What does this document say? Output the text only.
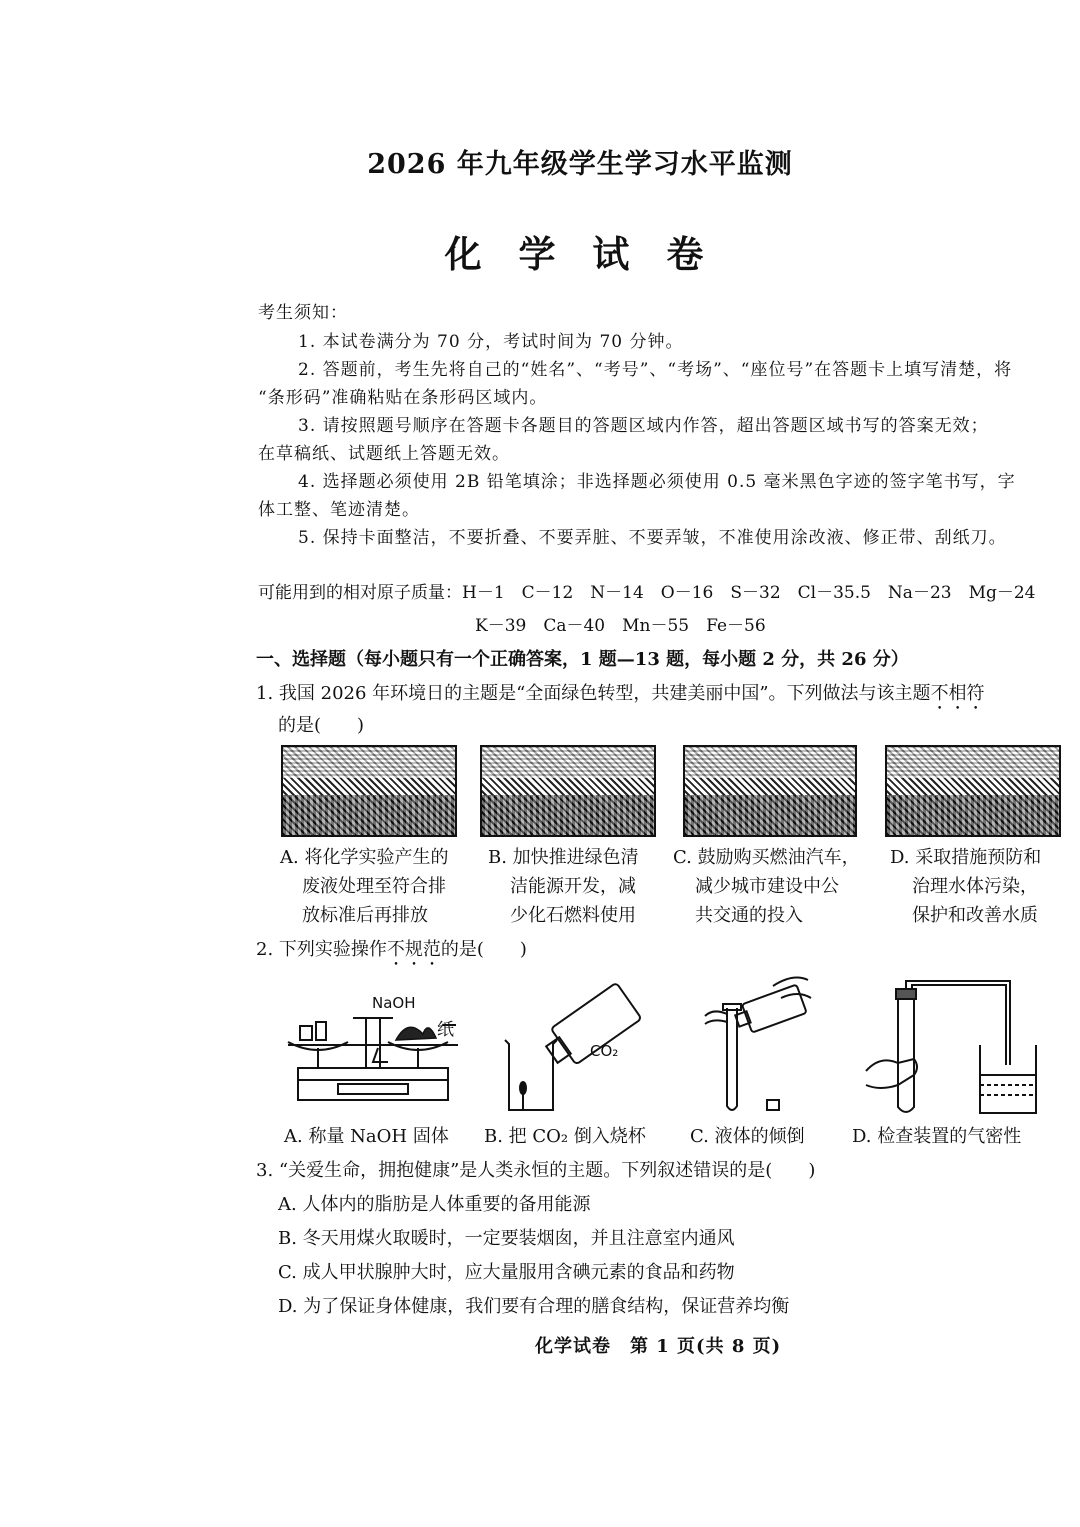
2026 年九年级学生学习水平监测
化 学 试 卷
考生须知：
1. 本试卷满分为 70 分，考试时间为 70 分钟。
2. 答题前，考生先将自己的“姓名”、“考号”、“考场”、“座位号”在答题卡上填写清楚，将
“条形码”准确粘贴在条形码区域内。
3. 请按照题号顺序在答题卡各题目的答题区域内作答，超出答题区域书写的答案无效；
在草稿纸、试题纸上答题无效。
4. 选择题必须使用 2B 铅笔填涂；非选择题必须使用 0.5 毫米黑色字迹的签字笔书写，字
体工整、笔迹清楚。
5. 保持卡面整洁，不要折叠、不要弄脏、不要弄皱，不准使用涂改液、修正带、刮纸刀。
可能用到的相对原子质量：H－1　C－12　N－14　O－16　S－32　Cl－35.5　Na－23　Mg－24
K－39　Ca－40　Mn－55　Fe－56
一、选择题（每小题只有一个正确答案，1 题—13 题，每小题 2 分，共 26 分）
1. 我国 2026 年环境日的主题是“全面绿色转型，共建美丽中国”。下列做法与该主题不相符
的是(　　)
A. 将化学实验产生的
废液处理至符合排
放标准后再排放
B. 加快推进绿色清
洁能源开发，减
少化石燃料使用
C. 鼓励购买燃油汽车，
减少城市建设中公
共交通的投入
D. 采取措施预防和
治理水体污染，
保护和改善水质
2. 下列实验操作不规范的是(　　)
NaOH
纸
CO₂
A. 称量 NaOH 固体 B. 把 CO₂ 倒入烧杯 C. 液体的倾倒	D. 检查装置的气密性
3. “关爱生命，拥抱健康”是人类永恒的主题。下列叙述错误的是(　　)
A. 人体内的脂肪是人体重要的备用能源
B. 冬天用煤火取暖时，一定要装烟囱，并且注意室内通风
C. 成人甲状腺肿大时，应大量服用含碘元素的食品和药物
D. 为了保证身体健康，我们要有合理的膳食结构，保证营养均衡
化学试卷　第 1 页(共 8 页)
